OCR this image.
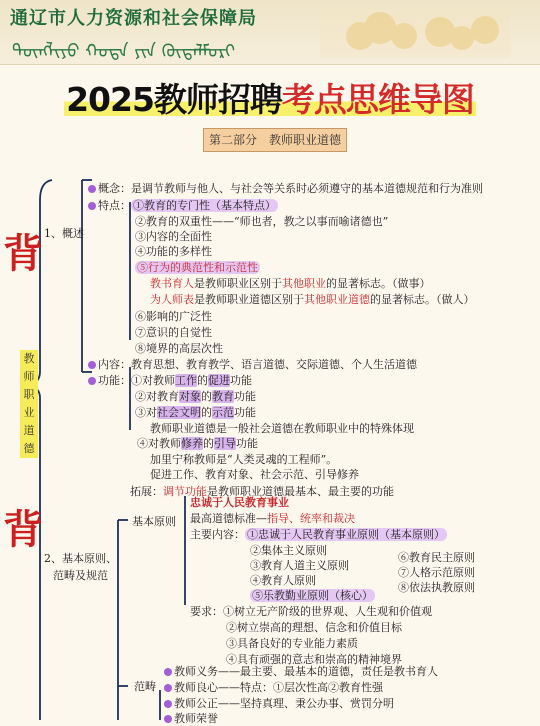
通辽市人力资源和社会保障局
ᠲᠦᠩᠯᠢᠶᠣ ᠬᠣᠲᠠ ᠶᠢᠨ ᠬᠥᠳᠡᠯᠮᠦᠷᠢ
2025教师招聘考点思维导图
第二部分　教师职业道德
背
背
教
师
职
业
道
德
1、概述
概念：是调节教师与他人、与社会等关系时必须遵守的基本道德规范和行为准则
特点： ①教育的专门性（基本特点）
②教育的双重性——“师也者，教之以事而喻诸德也”
③内容的全面性
④功能的多样性
⑤行为的典范性和示范性
教书育人是教师职业区别于其他职业的显著标志。（做事）
为人师表是教师职业道德区别于其他职业道德的显著标志。（做人）
⑥影响的广泛性
⑦意识的自觉性
⑧境界的高层次性
内容：教育思想、教育教学、语言道德、交际道德、个人生活道德
功能：①对教师工作的促进功能
②对教育对象的教育功能
③对社会文明的示范功能
教师职业道德是一般社会道德在教师职业中的特殊体现
④对教师修养的引导功能
加里宁称教师是“人类灵魂的工程师”。
促进工作、教育对象、社会示范、引导修养
拓展：调节功能是教师职业道德最基本、最主要的功能
2、基本原则、
范畴及规范
基本原则
忠诚于人民教育事业
最高道德标准—指导、统率和裁决
主要内容： ①忠诚于人民教育事业原则（基本原则）
②集体主义原则
③教育人道主义原则
④教育人原则
⑤乐教勤业原则（核心）
⑥教育民主原则
⑦人格示范原则
⑧依法执教原则
要求：①树立无产阶级的世界观、人生观和价值观
②树立崇高的理想、信念和价值目标
③具备良好的专业能力素质
④具有顽强的意志和崇高的精神境界
范畴
教师义务——最主要、最基本的道德，责任是教书育人
教师良心——特点：①层次性高②教育性强
教师公正——坚持真理、秉公办事、赏罚分明
教师荣誉
